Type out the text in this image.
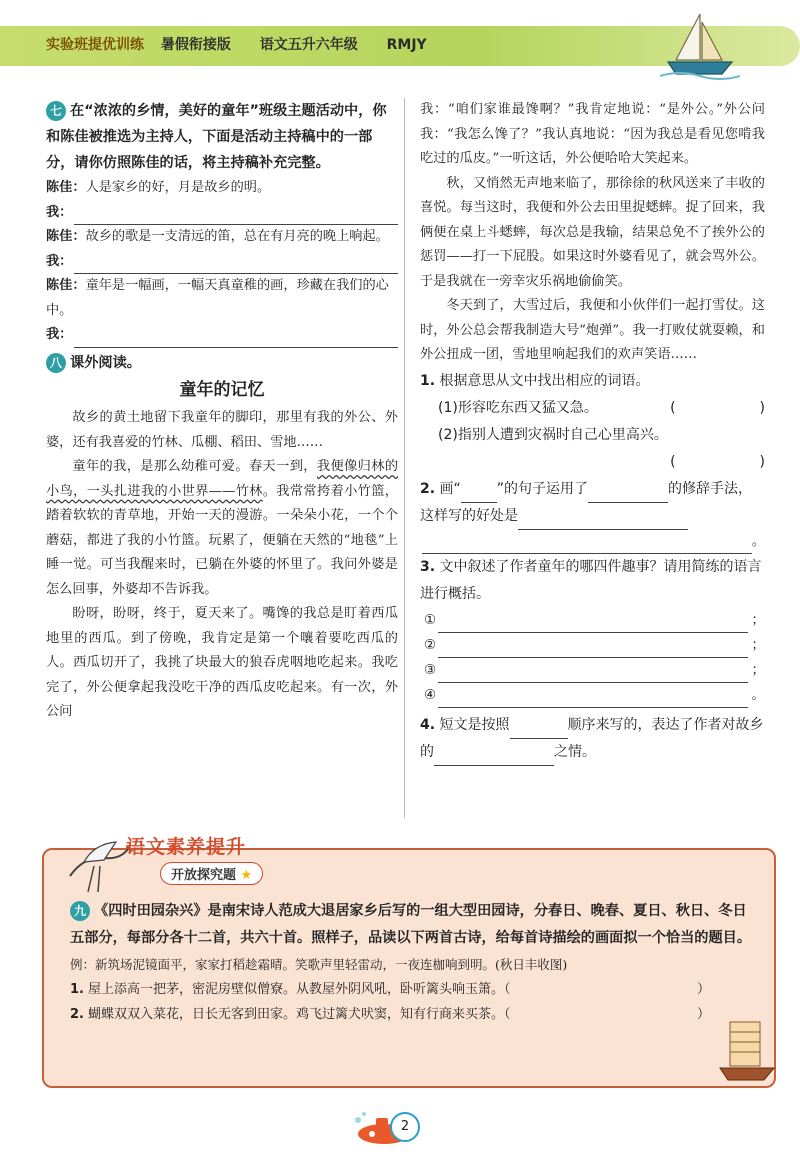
实验班提优训练 暑假衔接版 语文五升六年级 RMJY
七 在“浓浓的乡情，美好的童年”班级主题活动中，你和陈佳被推选为主持人，下面是活动主持稿中的一部分，请你仿照陈佳的话，将主持稿补充完整。
陈佳： 人是家乡的好，月是故乡的明。
我：
陈佳：故乡的歌是一支清远的笛，总在有月亮的晚上响起。
我：
陈佳：童年是一幅画，一幅天真童稚的画，珍藏在我们的心中。
我：
八 课外阅读。
童年的记忆
故乡的黄土地留下我童年的脚印，那里有我的外公、外婆，还有我喜爱的竹林、瓜棚、稻田、雪地……
童年的我，是那么幼稚可爱。春天一到，我便像归林的小鸟，一头扎进我的小世界——竹林。我常常挎着小竹篮，踏着软软的青草地，开始一天的漫游。一朵朵小花，一个个蘑菇，都进了我的小竹篮。玩累了，便躺在天然的“地毯”上睡一觉。可当我醒来时，已躺在外婆的怀里了。我问外婆是怎么回事，外婆却不告诉我。
盼呀，盼呀，终于，夏天来了。嘴馋的我总是盯着西瓜地里的西瓜。到了傍晚，我肯定是第一个嚷着要吃西瓜的人。西瓜切开了，我挑了块最大的狼吞虎咽地吃起来。我吃完了，外公便拿起我没吃干净的西瓜皮吃起来。有一次，外公问
我：“咱们家谁最馋啊？”我肯定地说：“是外公。”外公问我：“我怎么馋了？”我认真地说：“因为我总是看见您啃我吃过的瓜皮。”一听这话，外公便哈哈大笑起来。
秋，又悄然无声地来临了，那徐徐的秋风送来了丰收的喜悦。每当这时，我便和外公去田里捉蟋蟀。捉了回来，我俩便在桌上斗蟋蟀，每次总是我输，结果总免不了挨外公的惩罚——打一下屁股。如果这时外婆看见了，就会骂外公。于是我就在一旁幸灾乐祸地偷偷笑。
冬天到了，大雪过后，我便和小伙伴们一起打雪仗。这时，外公总会帮我制造大号“炮弹”。我一打败仗就耍赖，和外公扭成一团，雪地里响起我们的欢声笑语……
1. 根据意思从文中找出相应的词语。
(1)形容吃东西又猛又急。	(　　　　　　)
(2)指别人遭到灾祸时自己心里高兴。
(　　　　　　)
2. 画“	”的句子运用了	的修辞手法，这样写的好处是
。
3. 文中叙述了作者童年的哪四件趣事？请用简练的语言进行概括。
①	；
②	；
③	；
④	。
4. 短文是按照	顺序来写的，表达了作者对故乡的	之情。
九 《四时田园杂兴》是南宋诗人范成大退居家乡后写的一组大型田园诗，分春日、晚春、夏日、秋日、冬日五部分，每部分各十二首，共六十首。照样子，品读以下两首古诗，给每首诗描绘的画面拟一个恰当的题目。
例：新筑场泥镜面平，家家打稻趁霜晴。笑歌声里轻雷动，一夜连枷响到明。(秋日丰收图)
1. 屋上添高一把茅，密泥房壁似僧寮。从教屋外阴风吼，卧听篱头响玉箫。（	）
2. 蝴蝶双双入菜花，日长无客到田家。鸡飞过篱犬吠窦，知有行商来买茶。（	）
语文素养提升
开放探究题 ★
2
